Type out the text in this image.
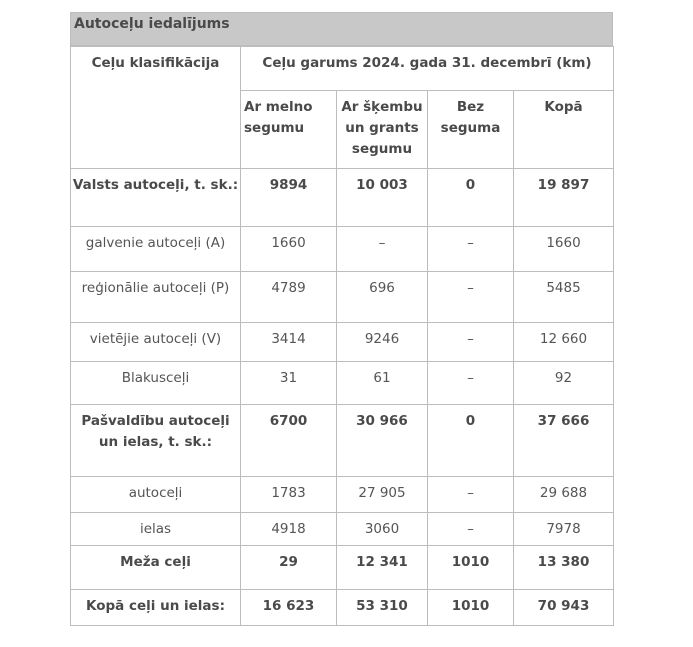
Autoceļu iedalījums
Ceļu klasifikācija	Ceļu garums 2024. gada 31. decembrī (km)			

	Ar melno segumu	Ar šķembu un grants segumu	Bez seguma	Kopā

Valsts autoceļi, t. sk.:	9894	10 003	0	19 897

galvenie autoceļi (A)	1660	–	–	1660

reģionālie autoceļi (P)	4789	696	–	5485

vietējie autoceļi (V)	3414	9246	–	12 660

Blakusceļi	31	61	–	92

Pašvaldību autoceļi un ielas, t. sk.:	6700	30 966	0	37 666

autoceļi	1783	27 905	–	29 688

ielas	4918	3060	–	7978

Meža ceļi	29	12 341	1010	13 380

Kopā ceļi un ielas:	16 623	53 310	1010	70 943
